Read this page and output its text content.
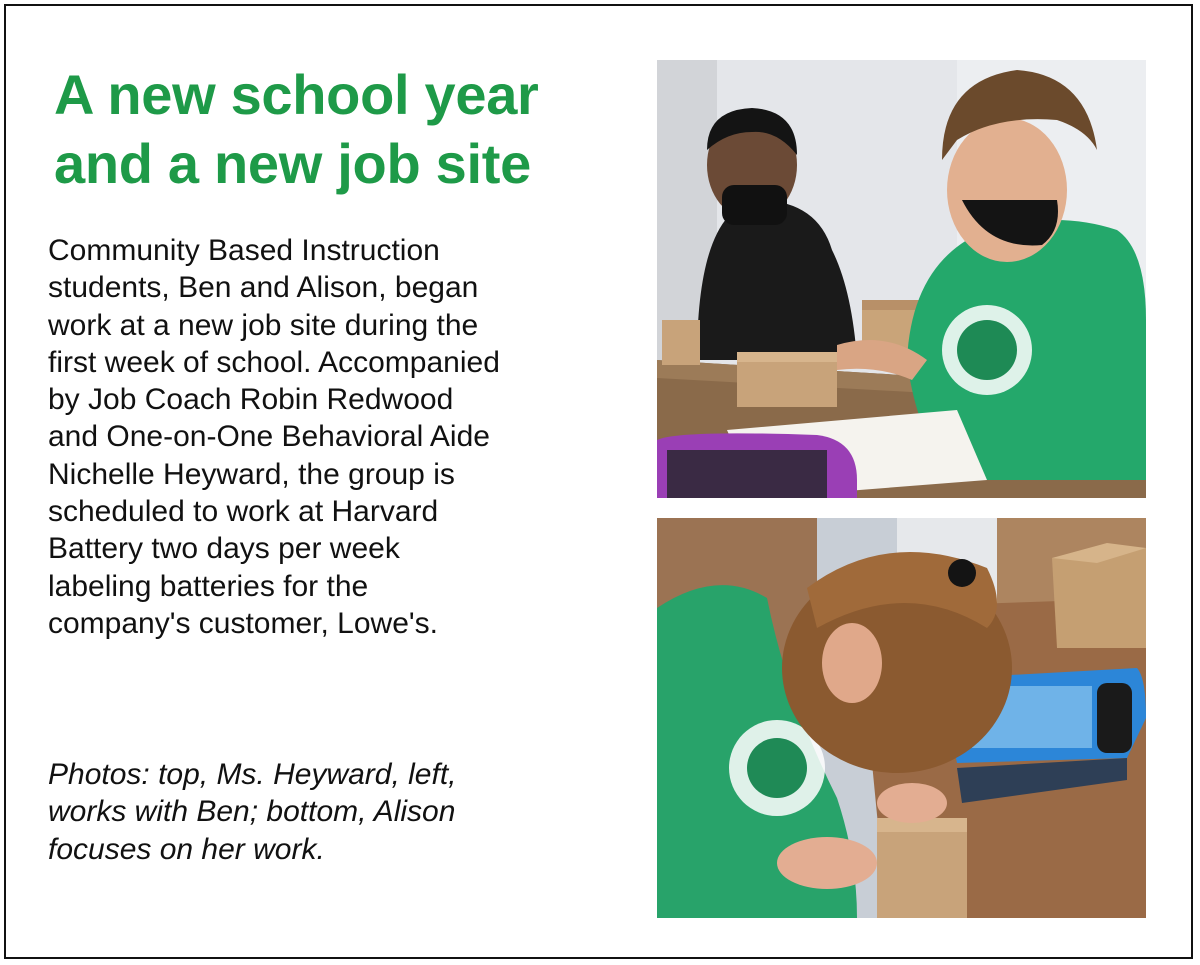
A new school year
and a new job site
Community Based Instruction
students, Ben and Alison, began
work at a new job site during the
first week of school. Accompanied
by Job Coach Robin Redwood
and One-on-One Behavioral Aide
Nichelle Heyward, the group is
scheduled to work at Harvard
Battery two days per week
labeling batteries for the
company's customer, Lowe's.
Photos: top, Ms. Heyward, left,
works with Ben; bottom, Alison
focuses on her work.
